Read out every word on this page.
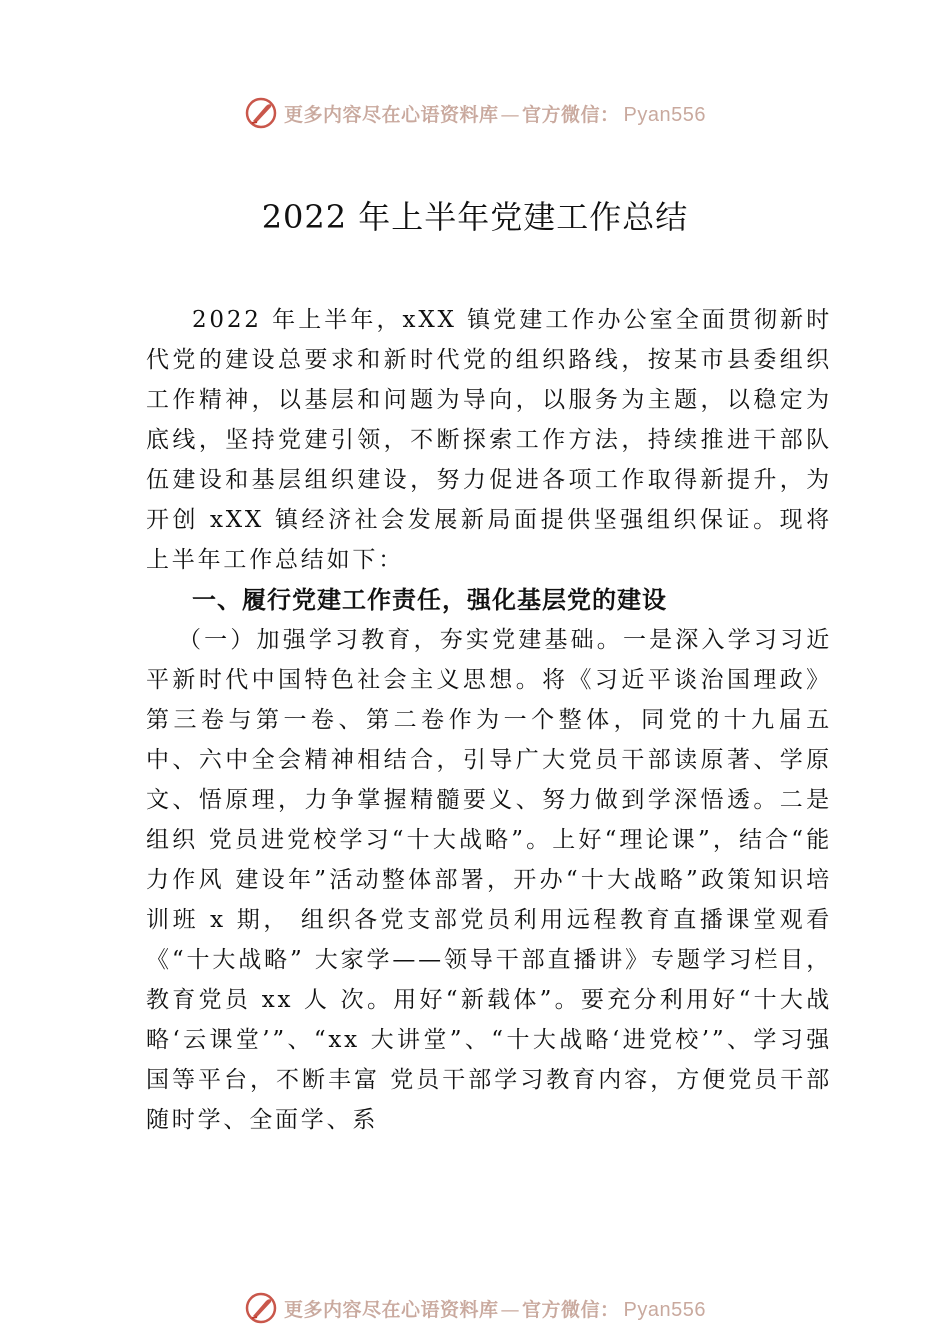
更多内容尽在心语资料库 — 官方微信： Pyan556
2022 年上半年党建工作总结

2022 年上半年，xXX 镇党建工作办公室全面贯彻新时代党的建设总要求和新时代党的组织路线，按某市县委组织工作精神，以基层和问题为导向，以服务为主题，以稳定为底线，坚持党建引领，不断探索工作方法，持续推进干部队伍建设和基层组织建设，努力促进各项工作取得新提升，为开创 xXX 镇经济社会发展新局面提供坚强组织保证。现将上半年工作总结如下：

一、履行党建工作责任，强化基层党的建设

（一）加强学习教育，夯实党建基础。一是深入学习习近平新时代中国特色社会主义思想。将《习近平谈治国理政》第三卷与第一卷、第二卷作为一个整体，同党的十九届五中、六中全会精神相结合，引导广大党员干部读原著、学原文、悟原理，力争掌握精髓要义、努力做到学深悟透。二是组织 党员进党校学习“十大战略”。上好“理论课”，结合“能力作风 建设年”活动整体部署，开办“十大战略”政策知识培训班 x 期， 组织各党支部党员利用远程教育直播课堂观看《“十大战略” 大家学——领导干部直播讲》专题学习栏目，教育党员 xx 人 次。用好“新载体”。要充分利用好“十大战略‘云课堂’”、“xx 大讲堂”、“十大战略‘进党校’”、学习强国等平台，不断丰富 党员干部学习教育内容，方便党员干部随时学、全面学、系

更多内容尽在心语资料库 — 官方微信： Pyan556
